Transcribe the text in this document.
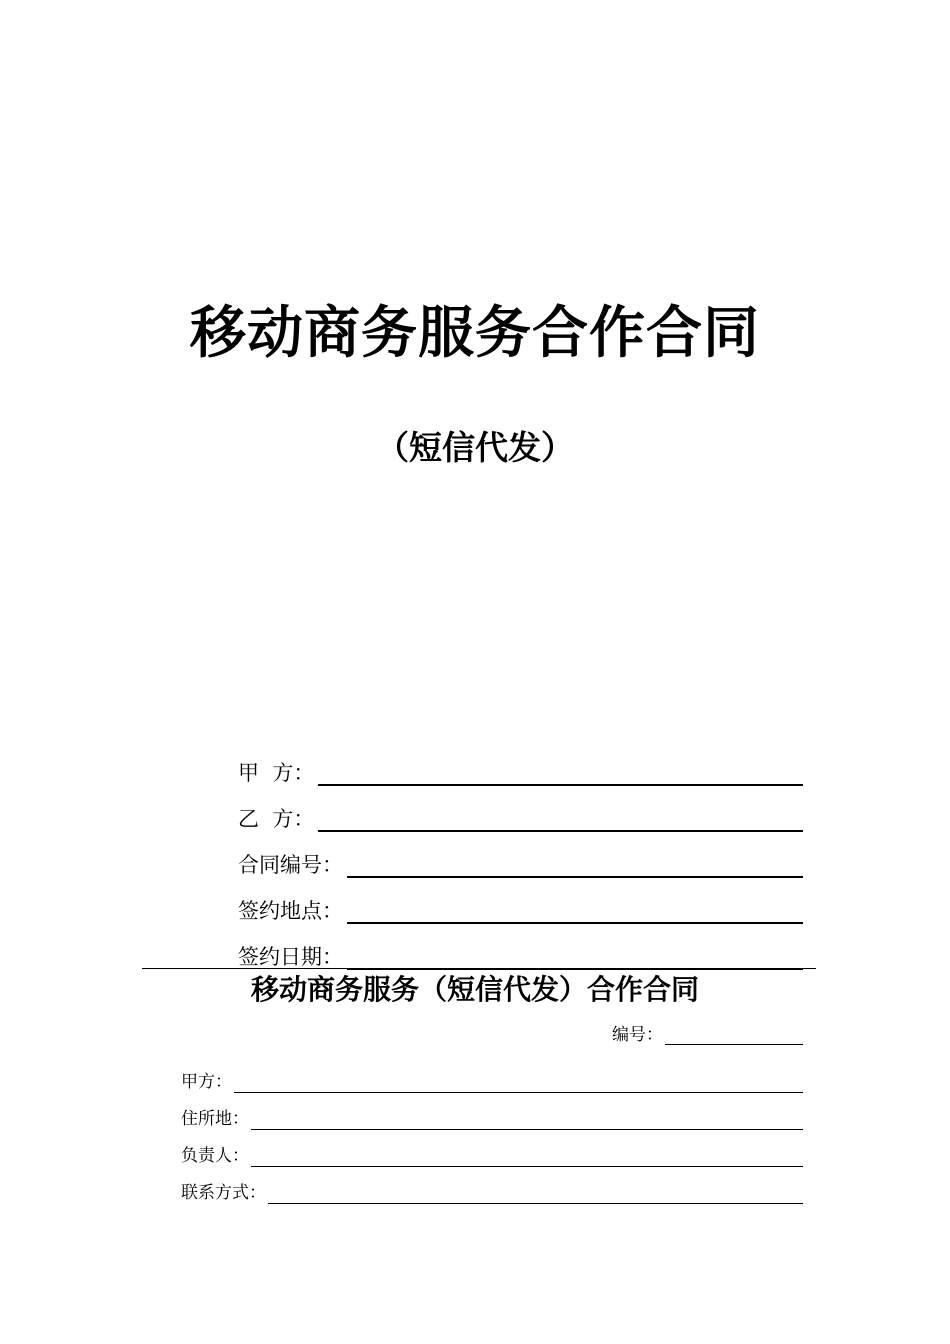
移动商务服务合作合同
（短信代发）
甲  方：
乙  方：
合同编号：
签约地点：
签约日期：
移动商务服务（短信代发）合作合同
编号：
甲方：
住所地：
负责人：
联系方式：
